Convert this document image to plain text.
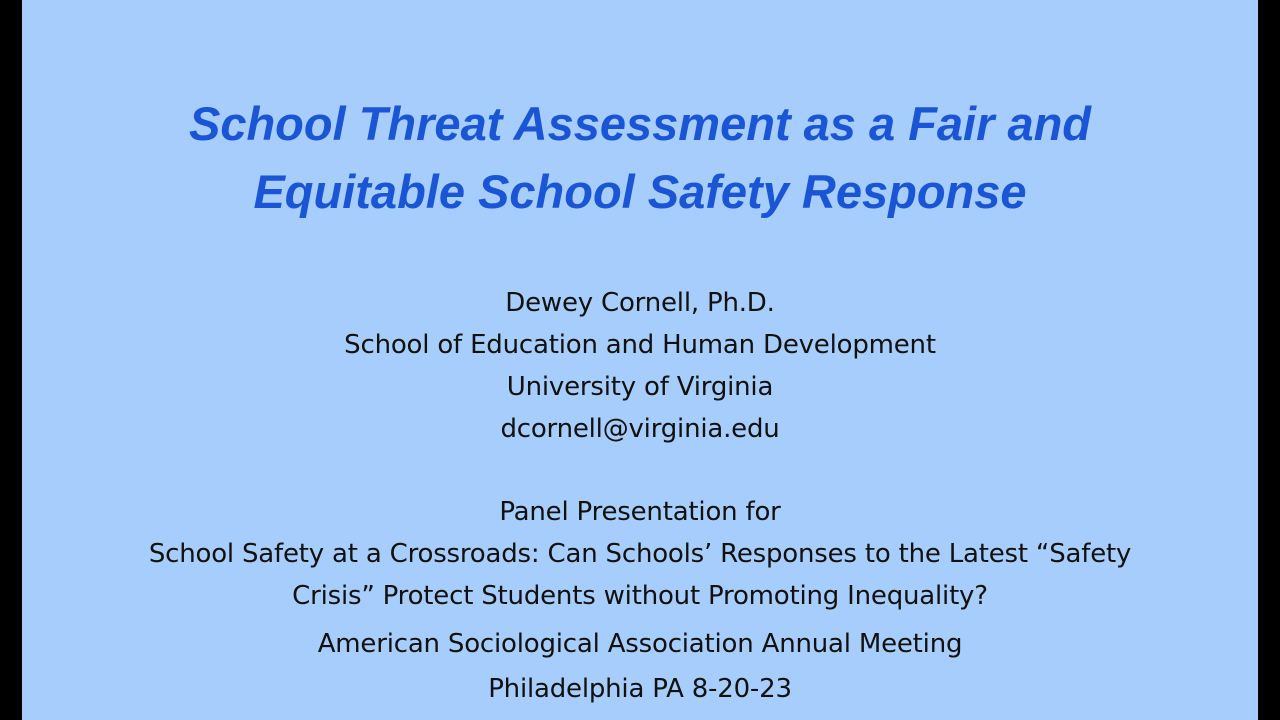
School Threat Assessment as a Fair and
Equitable School Safety Response
Dewey Cornell, Ph.D.
School of Education and Human Development
University of Virginia
dcornell@virginia.edu
Panel Presentation for
School Safety at a Crossroads: Can Schools’ Responses to the Latest “Safety
Crisis” Protect Students without Promoting Inequality?
American Sociological Association Annual Meeting
Philadelphia PA 8-20-23
